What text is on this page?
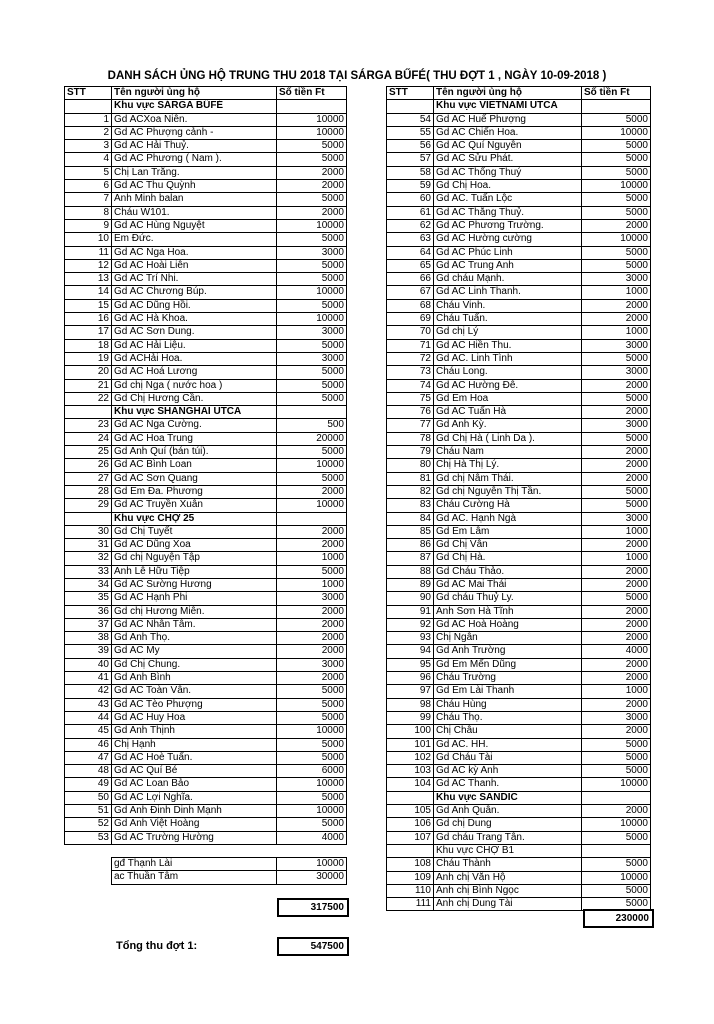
DANH SÁCH ỦNG HỘ TRUNG THU 2018 TẠI SÁRGA BŰFÉ( THU ĐỢT 1 , NGÀY 10-09-2018 )
STT	Tên người ủng hộ	Số tiền Ft
	Khu vực SÁRGA BŰFÉ	
1	Gd ACXoa Niên.	10000
2	Gd AC Phượng cảnh -	10000
3	Gd AC Hải Thuỷ.	5000
4	Gd AC Phương ( Nam ).	5000
5	Chị Lan Trắng.	2000
6	Gd AC Thu Quỳnh	2000
7	Anh Minh balan	5000
8	Cháu W101.	2000
9	Gd AC Hùng Nguyệt	10000
10	Em Đức.	5000
11	Gd AC Nga Hoa.	3000
12	Gd AC Hoài Liên	5000
13	Gd AC Trí Nhi.	5000
14	Gd AC Chương Búp.	10000
15	Gd AC Dũng Hồi.	5000
16	Gd AC Hà Khoa.	10000
17	Gd AC Sơn Dung.	3000
18	Gd AC Hải Liệu.	5000
19	Gd ACHải Hoa.	3000
20	Gd AC Hoá Lương	5000
21	Gd chị Nga ( nước hoa )	5000
22	Gd Chị Hương Cần.	5000
	Khu vực SHANGHAI UTCA	
23	Gd AC Nga Cường.	500
24	Gd AC Hoa Trung	20000
25	Gd Anh Quí (bán túi).	5000
26	Gd AC Bình Loan	10000
27	Gd AC Sơn Quang	5000
28	Gd Em Đa. Phương	2000
29	Gd AC Truyền Xuân	10000
	Khu vực CHỢ 25	
30	Gd Chị Tuyết	2000
31	Gd AC Dũng Xoa	2000
32	Gd chị Nguyện Tập	1000
33	Anh Lê Hữu Tiệp	5000
34	Gd AC Sường Hương	1000
35	Gd AC Hạnh Phi	3000
36	Gd chị Hương Miên.	2000
37	Gd AC Nhân Tâm.	2000
38	Gd Anh Thọ.	2000
39	Gd AC My	2000
40	Gd Chị Chung.	3000
41	Gd Anh Bình	2000
42	Gd AC Toàn Vân.	5000
43	Gd AC Tèo Phượng	5000
44	Gd AC Huy Hoa	5000
45	Gd Anh Thịnh	10000
46	Chị Hạnh	5000
47	Gd AC Hoè Tuấn.	5000
48	Gd AC Quí Bé	6000
49	Gd AC Loan Bảo	10000
50	Gd AC Lợi Nghĩa.	5000
51	Gd Anh Đinh Dinh Mạnh	10000
52	Gd Anh Việt Hoàng	5000
53	Gd AC Trường Hường	4000
gđ Thạnh Lài	10000
ac Thuần Tâm	30000
317500
STT	Tên người ủng hộ	Số tiền Ft
	Khu vực VIETNAMI UTCA	
54	Gd AC Huế Phượng	5000
55	Gd AC Chiến Hoa.	10000
56	Gd AC Quí Nguyễn	5000
57	Gd AC Sửu Phát.	5000
58	Gd AC Thống Thuý	5000
59	Gd Chị Hoa.	10000
60	Gd AC. Tuấn Lộc	5000
61	Gd AC Thắng Thuỷ.	5000
62	Gd AC Phương Trường.	2000
63	Gd AC Hường cường	10000
64	Gd AC Phúc Linh	5000
65	Gd AC Trung Anh	5000
66	Gd cháu Mạnh.	3000
67	Gd AC Linh Thanh.	1000
68	Cháu Vinh.	2000
69	Cháu Tuấn.	2000
70	Gd chị Lý	1000
71	Gd AC Hiền Thu.	3000
72	Gd AC. Linh Tình	5000
73	Cháu Long.	3000
74	Gd AC Hường Đê.	2000
75	Gd Em Hoa	5000
76	Gd AC Tuấn Hà	2000
77	Gd Anh Kỳ.	3000
78	Gd Chị Hà ( Linh Da ).	5000
79	Cháu Nam	2000
80	Chị Hà Thị Lý.	2000
81	Gd chị Nâm Thái.	2000
82	Gd chị Nguyễn Thị Tần.	5000
83	Cháu Cường Hà	5000
84	Gd AC. Hạnh Ngà	3000
85	Gd Em Lâm	1000
86	Gd Chị Vân	2000
87	Gd Chị Hà.	1000
88	Gd Cháu Thảo.	2000
89	Gd AC Mai Thái	2000
90	Gd cháu Thuỷ Ly.	5000
91	Anh Sơn Hà Tĩnh	2000
92	Gd AC Hoà Hoàng	2000
93	Chị Ngân	2000
94	Gd Anh Trường	4000
95	Gd Em Mến Dũng	2000
96	Cháu Trường	2000
97	Gd Em Lài Thanh	1000
98	Cháu Hùng	2000
99	Cháu Thọ.	3000
100	Chị Châu	2000
101	Gd AC. HH.	5000
102	Gd Cháu Tài	5000
103	Gd AC kỳ Anh	5000
104	Gd AC Thanh.	10000
	Khu vực SANDIC	
105	Gd Anh Quân.	2000
106	Gd chị Dung	10000
107	Gd cháu Trang Tân.	5000
	Khu vực CHỢ B1	
108	Cháu Thành	5000
109	Anh chị Văn Hộ	10000
110	Anh chị Bình Ngọc	5000
111	Anh chị Dung Tài	5000
230000
Tổng thu đợt 1:	547500
